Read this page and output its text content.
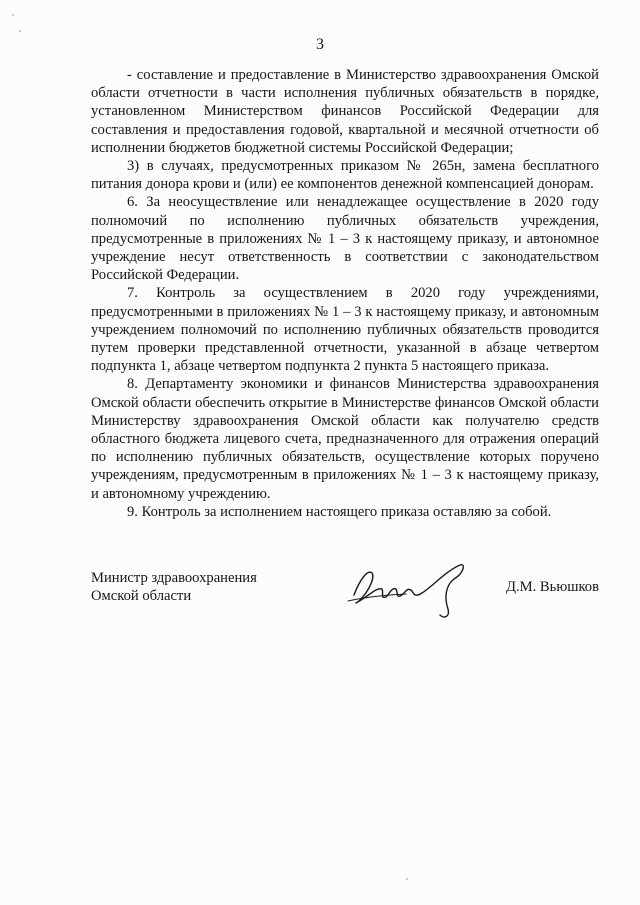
3

- составление и предоставление в Министерство здравоохранения Омской области отчетности в части исполнения публичных обязательств в порядке, установленном Министерством финансов Российской Федерации для составления и предоставления годовой, квартальной и месячной отчетности об исполнении бюджетов бюджетной системы Российской Федерации;

3) в случаях, предусмотренных приказом № 265н, замена бесплатного питания донора крови и (или) ее компонентов денежной компенсацией донорам.

6. За неосуществление или ненадлежащее осуществление в 2020 году полномочий по исполнению публичных обязательств учреждения, предусмотренные в приложениях № 1 – 3 к настоящему приказу, и автономное учреждение несут ответственность в соответствии с законодательством Российской Федерации.

7. Контроль за осуществлением в 2020 году учреждениями, предусмотренными в приложениях № 1 – 3 к настоящему приказу, и автономным учреждением полномочий по исполнению публичных обязательств проводится путем проверки представленной отчетности, указанной в абзаце четвертом подпункта 1, абзаце четвертом подпункта 2 пункта 5 настоящего приказа.

8. Департаменту экономики и финансов Министерства здравоохранения Омской области обеспечить открытие в Министерстве финансов Омской области Министерству здравоохранения Омской области как получателю средств областного бюджета лицевого счета, предназначенного для отражения операций по исполнению публичных обязательств, осуществление которых поручено учреждениям, предусмотренным в приложениях № 1 – 3 к настоящему приказу, и автономному учреждению.

9. Контроль за исполнением настоящего приказа оставляю за собой.

Министр здравоохранения
Омской области
Д.М. Вьюшков
